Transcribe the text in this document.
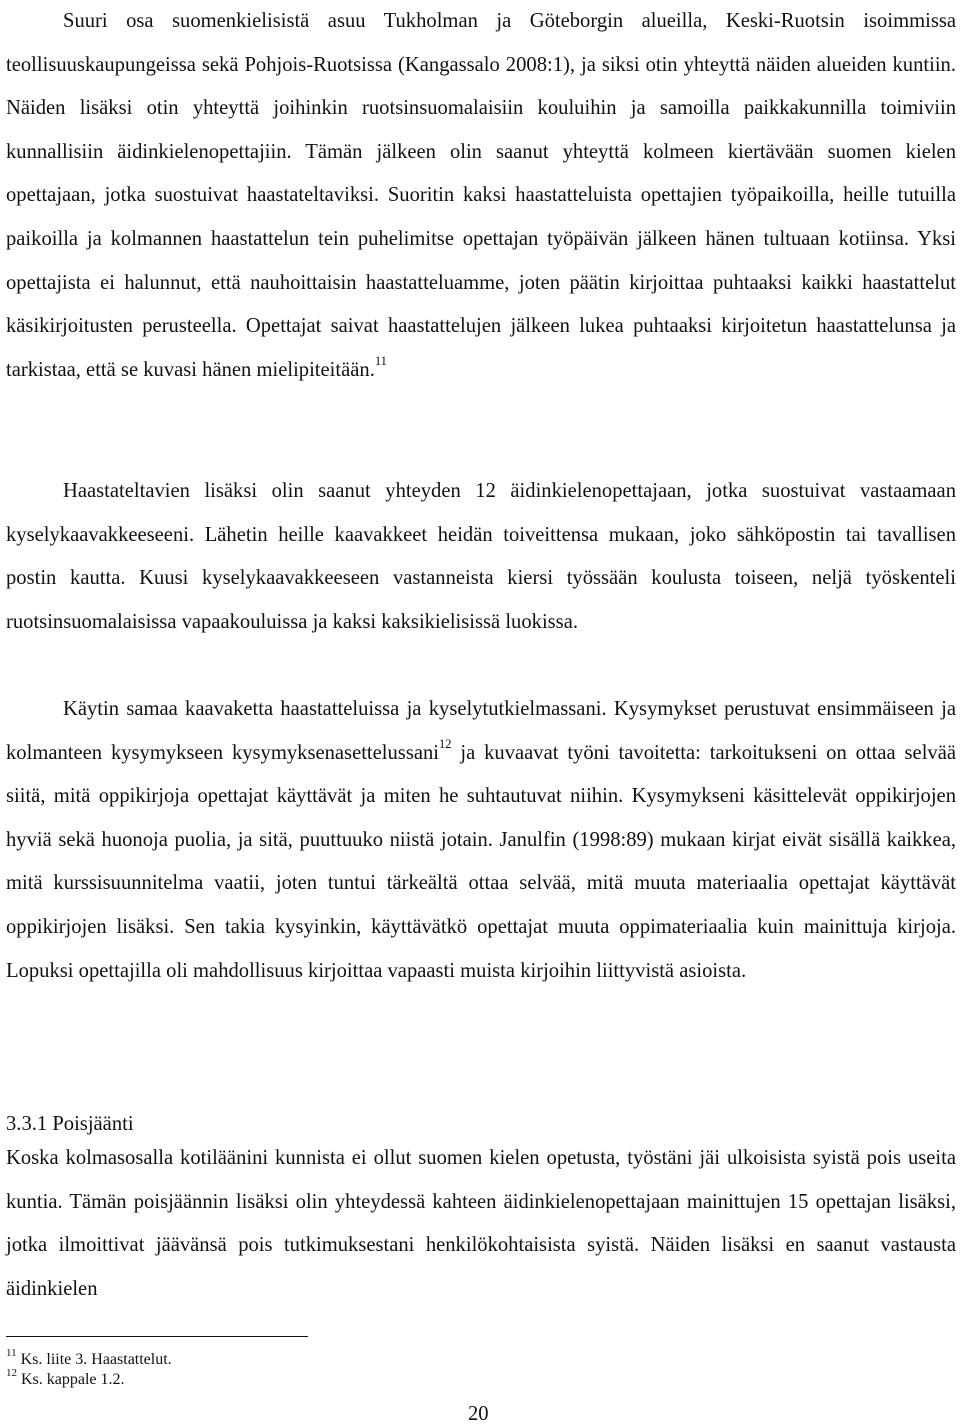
Suuri osa suomenkielisistä asuu Tukholman ja Göteborgin alueilla, Keski-Ruotsin isoimmissa teollisuuskaupungeissa sekä Pohjois-Ruotsissa (Kangassalo 2008:1), ja siksi otin yhteyttä näiden alueiden kuntiin. Näiden lisäksi otin yhteyttä joihinkin ruotsinsuomalaisiin kouluihin ja samoilla paikkakunnilla toimiviin kunnallisiin äidinkielenopettajiin. Tämän jälkeen olin saanut yhteyttä kolmeen kiertävään suomen kielen opettajaan, jotka suostuivat haastateltaviksi. Suoritin kaksi haastatteluista opettajien työpaikoilla, heille tutuilla paikoilla ja kolmannen haastattelun tein puhelimitse opettajan työpäivän jälkeen hänen tultuaan kotiinsa. Yksi opettajista ei halunnut, että nauhoittaisin haastatteluamme, joten päätin kirjoittaa puhtaaksi kaikki haastattelut käsikirjoitusten perusteella. Opettajat saivat haastattelujen jälkeen lukea puhtaaksi kirjoitetun haastattelunsa ja tarkistaa, että se kuvasi hänen mielipiteitään.$^{11}$

Haastateltavien lisäksi olin saanut yhteyden 12 äidinkielenopettajaan, jotka suostuivat vastaamaan kyselykaavakkeeseeni. Lähetin heille kaavakkeet heidän toiveittensa mukaan, joko sähköpostin tai tavallisen postin kautta. Kuusi kyselykaavakkeeseen vastanneista kiersi työssään koulusta toiseen, neljä työskenteli ruotsinsuomalaisissa vapaakouluissa ja kaksi kaksikielisissä luokissa.

Käytin samaa kaavaketta haastatteluissa ja kyselytutkielmassani. Kysymykset perustuvat ensimmäiseen ja kolmanteen kysymykseen kysymyksenasettelussani$^{12}$ ja kuvaavat työni tavoitetta: tarkoitukseni on ottaa selvää siitä, mitä oppikirjoja opettajat käyttävät ja miten he suhtautuvat niihin. Kysymykseni käsittelevät oppikirjojen hyviä sekä huonoja puolia, ja sitä, puuttuuko niistä jotain. Janulfin (1998:89) mukaan kirjat eivät sisällä kaikkea, mitä kurssisuunnitelma vaatii, joten tuntui tärkeältä ottaa selvää, mitä muuta materiaalia opettajat käyttävät oppikirjojen lisäksi. Sen takia kysyinkin, käyttävätkö opettajat muuta oppimateriaalia kuin mainittuja kirjoja. Lopuksi opettajilla oli mahdollisuus kirjoittaa vapaasti muista kirjoihin liittyvistä asioista.

3.3.1 Poisjäänti

Koska kolmasosalla kotiläänini kunnista ei ollut suomen kielen opetusta, työstäni jäi ulkoisista syistä pois useita kuntia. Tämän poisjäännin lisäksi olin yhteydessä kahteen äidinkielenopettajaan mainittujen 15 opettajan lisäksi, jotka ilmoittivat jäävänsä pois tutkimuksestani henkilökohtaisista syistä. Näiden lisäksi en saanut vastausta äidinkielen

$^{11}$ Ks. liite 3. Haastattelut.
$^{12}$ Ks. kappale 1.2.
20
